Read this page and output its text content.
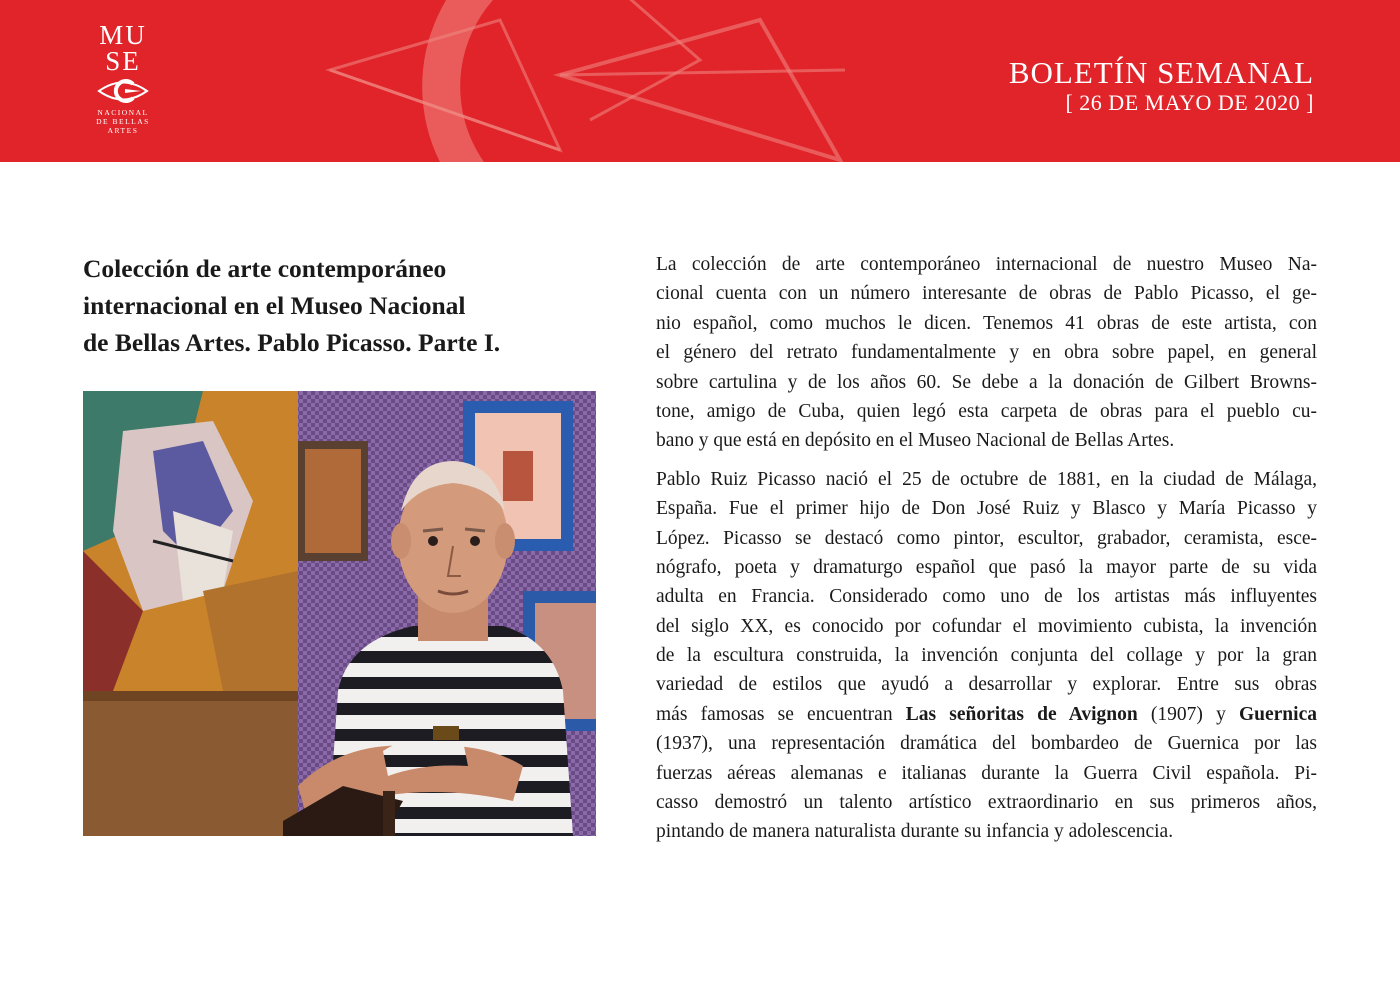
MU
SE
NACIONAL
DE BELLAS
ARTES
BOLETÍN SEMANAL
[ 26 DE MAYO DE 2020 ]
Colección de arte contemporáneo
internacional en el Museo Nacional
de Bellas Artes. Pablo Picasso. Parte I.

La colección de arte contemporáneo internacional de nuestro Museo Na-
cional cuenta con un número interesante de obras de Pablo Picasso, el ge-
nio español, como muchos le dicen. Tenemos 41 obras de este artista, con
el género del retrato fundamentalmente y en obra sobre papel, en general
sobre cartulina y de los años 60. Se debe a la donación de Gilbert Browns-
tone, amigo de Cuba, quien legó esta carpeta de obras para el pueblo cu-
bano y que está en depósito en el Museo Nacional de Bellas Artes.

Pablo Ruiz Picasso nació el 25 de octubre de 1881, en la ciudad de Málaga,
España. Fue el primer hijo de Don José Ruiz y Blasco y María Picasso y
López. Picasso se destacó como pintor, escultor, grabador, ceramista, esce-
nógrafo, poeta y dramaturgo español que pasó la mayor parte de su vida
adulta en Francia. Considerado como uno de los artistas más influyentes
del siglo XX, es conocido por cofundar el movimiento cubista, la invención
de la escultura construida, la invención conjunta del collage y por la gran
variedad de estilos que ayudó a desarrollar y explorar. Entre sus obras
más famosas se encuentran Las señoritas de Avignon (1907) y Guernica
(1937), una representación dramática del bombardeo de Guernica por las
fuerzas aéreas alemanas e italianas durante la Guerra Civil española. Pi-
casso demostró un talento artístico extraordinario en sus primeros años,
pintando de manera naturalista durante su infancia y adolescencia.
